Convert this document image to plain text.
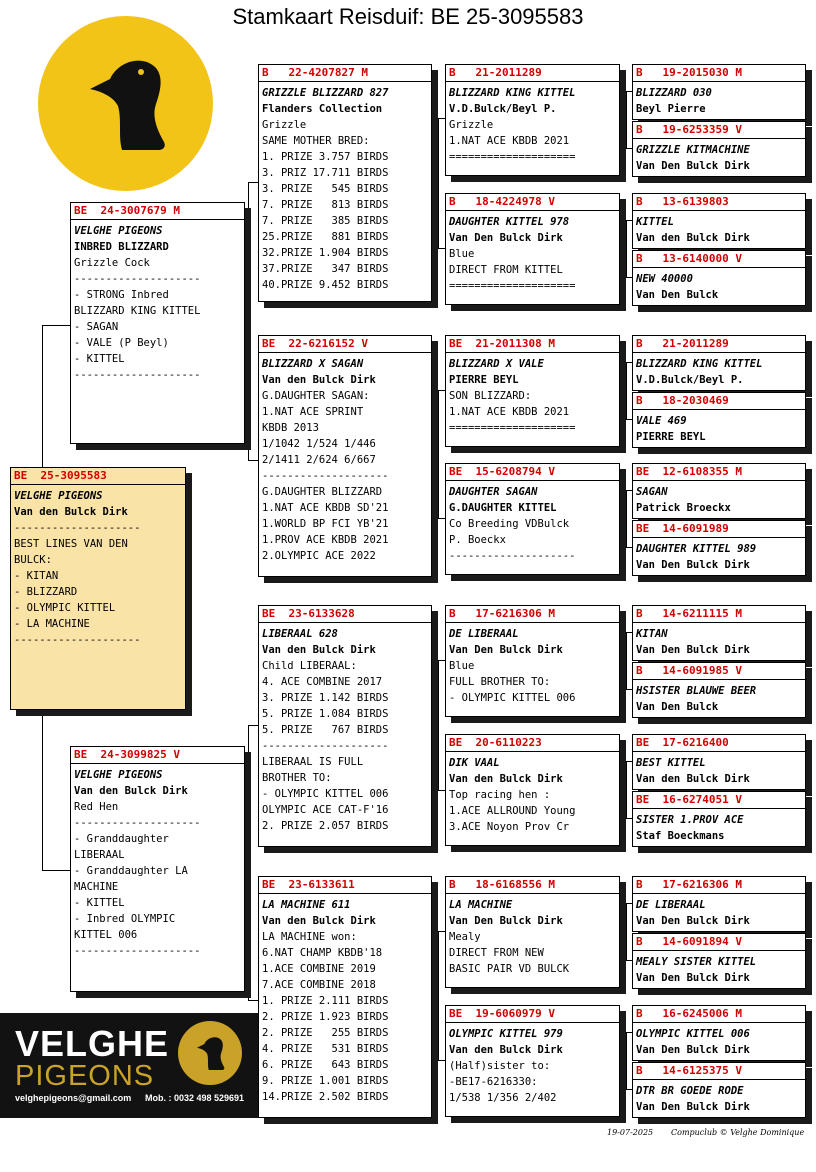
Stamkaart Reisduif: BE 25-3095583
BE  25-3095583
VELGHE PIGEONS
Van den Bulck Dirk
--------------------
BEST LINES VAN DEN
BULCK:
- KITAN
- BLIZZARD
- OLYMPIC KITTEL
- LA MACHINE
--------------------
BE  24-3007679 M
VELGHE PIGEONS
INBRED BLIZZARD
Grizzle Cock
--------------------
- STRONG Inbred
BLIZZARD KING KITTEL
- SAGAN
- VALE (P Beyl)
- KITTEL
--------------------
BE  24-3099825 V
VELGHE PIGEONS
Van den Bulck Dirk
Red Hen
--------------------
- Granddaughter
LIBERAAL
- Granddaughter LA
MACHINE
- KITTEL
- Inbred OLYMPIC
KITTEL 006
--------------------
B   22-4207827 M
GRIZZLE BLIZZARD 827
Flanders Collection
Grizzle
SAME MOTHER BRED:
1. PRIZE 3.757 BIRDS
3. PRIZ 17.711 BIRDS
3. PRIZE   545 BIRDS
7. PRIZE   813 BIRDS
7. PRIZE   385 BIRDS
25.PRIZE   881 BIRDS
32.PRIZE 1.904 BIRDS
37.PRIZE   347 BIRDS
40.PRIZE 9.452 BIRDS
BE  22-6216152 V
BLIZZARD X SAGAN
Van den Bulck Dirk
G.DAUGHTER SAGAN:
1.NAT ACE SPRINT
KBDB 2013
1/1042 1/524 1/446
2/1411 2/624 6/667
--------------------
G.DAUGHTER BLIZZARD
1.NAT ACE KBDB SD'21
1.WORLD BP FCI YB'21
1.PROV ACE KBDB 2021
2.OLYMPIC ACE 2022
BE  23-6133628
LIBERAAL 628
Van den Bulck Dirk
Child LIBERAAL:
4. ACE COMBINE 2017
3. PRIZE 1.142 BIRDS
5. PRIZE 1.084 BIRDS
5. PRIZE   767 BIRDS
--------------------
LIBERAAL IS FULL
BROTHER TO:
- OLYMPIC KITTEL 006
OLYMPIC ACE CAT-F'16
2. PRIZE 2.057 BIRDS
BE  23-6133611
LA MACHINE 611
Van den Bulck Dirk
LA MACHINE won:
6.NAT CHAMP KBDB'18
1.ACE COMBINE 2019
7.ACE COMBINE 2018
1. PRIZE 2.111 BIRDS
2. PRIZE 1.923 BIRDS
2. PRIZE   255 BIRDS
4. PRIZE   531 BIRDS
6. PRIZE   643 BIRDS
9. PRIZE 1.001 BIRDS
14.PRIZE 2.502 BIRDS
B   21-2011289
BLIZZARD KING KITTEL
V.D.Bulck/Beyl P.
Grizzle
1.NAT ACE KBDB 2021
====================
B   18-4224978 V
DAUGHTER KITTEL 978
Van Den Bulck Dirk
Blue
DIRECT FROM KITTEL
====================
BE  21-2011308 M
BLIZZARD X VALE
PIERRE BEYL
SON BLIZZARD:
1.NAT ACE KBDB 2021
====================
BE  15-6208794 V
DAUGHTER SAGAN
G.DAUGHTER KITTEL
Co Breeding VDBulck
P. Boeckx
--------------------
B   17-6216306 M
DE LIBERAAL
Van Den Bulck Dirk
Blue
FULL BROTHER TO:
- OLYMPIC KITTEL 006
BE  20-6110223
DIK VAAL
Van den Bulck Dirk
Top racing hen :
1.ACE ALLROUND Young
3.ACE Noyon Prov Cr
B   18-6168556 M
LA MACHINE
Van Den Bulck Dirk
Mealy
DIRECT FROM NEW
BASIC PAIR VD BULCK
BE  19-6060979 V
OLYMPIC KITTEL 979
Van den Bulck Dirk
(Half)sister to:
-BE17-6216330:
1/538 1/356 2/402
B   19-2015030 M
BLIZZARD 030
Beyl Pierre
B   19-6253359 V
GRIZZLE KITMACHINE
Van Den Bulck Dirk
B   13-6139803
KITTEL
Van den Bulck Dirk
B   13-6140000 V
NEW 40000
Van Den Bulck
B   21-2011289
BLIZZARD KING KITTEL
V.D.Bulck/Beyl P.
B   18-2030469
VALE 469
PIERRE BEYL
BE  12-6108355 M
SAGAN
Patrick Broeckx
BE  14-6091989
DAUGHTER KITTEL 989
Van Den Bulck Dirk
B   14-6211115 M
KITAN
Van Den Bulck Dirk
B   14-6091985 V
HSISTER BLAUWE BEER
Van Den Bulck
BE  17-6216400
BEST KITTEL
Van den Bulck Dirk
BE  16-6274051 V
SISTER 1.PROV ACE
Staf Boeckmans
B   17-6216306 M
DE LIBERAAL
Van Den Bulck Dirk
B   14-6091894 V
MEALY SISTER KITTEL
Van Den Bulck Dirk
B   16-6245006 M
OLYMPIC KITTEL 006
Van Den Bulck Dirk
B   14-6125375 V
DTR BR GOEDE RODE
Van Den Bulck Dirk
VELGHE
PIGEONS
velghepigeons@gmail.com Mob. : 0032 498 529691
19-07-2025 Compuclub © Velghe Dominique
